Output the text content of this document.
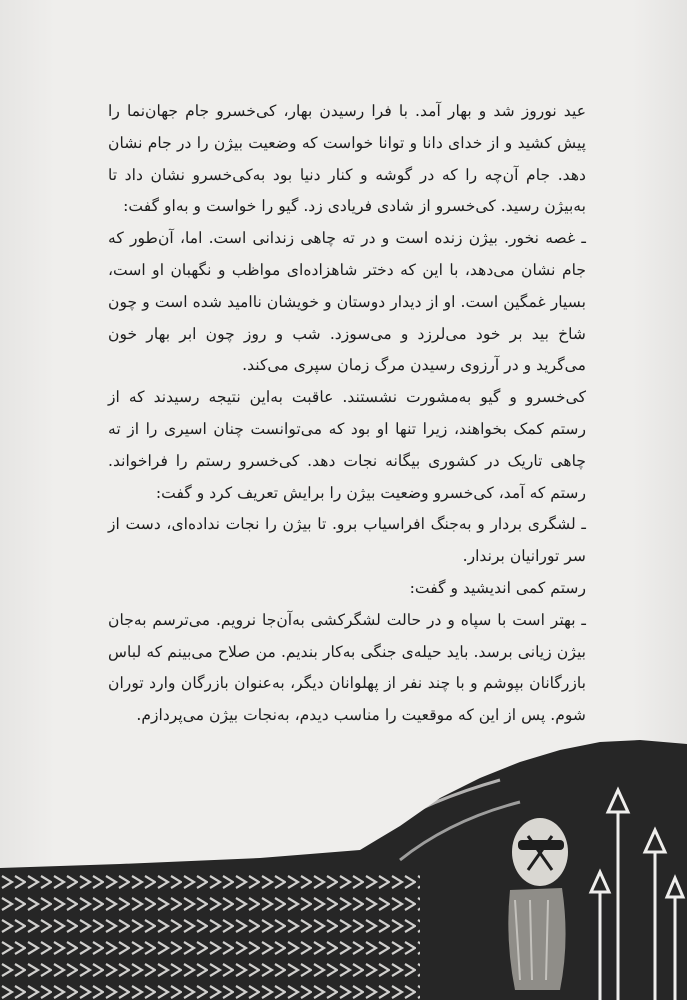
عید نوروز شد و بهار آمد. با فرا رسیدن بهار، کی‌خسرو جام جهان‌نما را پیش کشید و از خدای دانا و توانا خواست که وضعیت بیژن را در جام نشان دهد. جام آن‌چه را که در گوشه و کنار دنیا بود به‌کی‌خسرو نشان داد تا به‌بیژن رسید. کی‌خسرو از شادی فریادی زد. گیو را خواست و به‌او گفت:

ـ غصه نخور. بیژن زنده است و در ته چاهی زندانی است. اما، آن‌طور که جام نشان می‌دهد، با این که دختر شاهزاده‌ای مواظب و نگهبان او است، بسیار غمگین است. او از دیدار دوستان و خویشان ناامید شده است و چون شاخ بید بر خود می‌لرزد و می‌سوزد. شب و روز چون ابر بهار خون می‌گرید و در آرزوی رسیدن مرگ زمان سپری می‌کند.

کی‌خسرو و گیو به‌مشورت نشستند. عاقبت به‌این نتیجه رسیدند که از رستم کمک بخواهند، زیرا تنها او بود که می‌توانست چنان اسیری را از ته چاهی تاریک در کشوری بیگانه نجات دهد. کی‌خسرو رستم را فراخواند. رستم که آمد، کی‌خسرو وضعیت بیژن را برایش تعریف کرد و گفت:

ـ لشگری بردار و به‌جنگ افراسیاب برو. تا بیژن را نجات نداده‌ای، دست از سر تورانیان برندار.

رستم کمی اندیشید و گفت:

ـ بهتر است با سپاه و در حالت لشگرکشی به‌آن‌جا نرویم. می‌ترسم به‌جان بیژن زیانی برسد. باید حیله‌ی جنگی به‌کار بندیم. من صلاح می‌بینم که لباس بازرگانان بپوشم و با چند نفر از پهلوانان دیگر، به‌عنوان بازرگان وارد توران شوم. پس از این که موقعیت را مناسب دیدم، به‌نجات بیژن می‌پردازم.
